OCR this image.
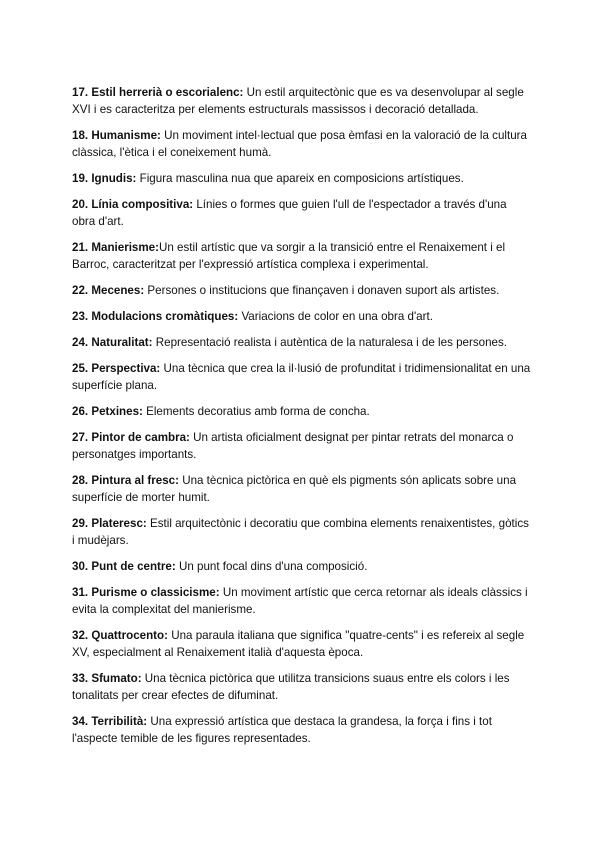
17. Estil herrerià o escorialenc: Un estil arquitectònic que es va desenvolupar al segle XVI i es caracteritza per elements estructurals massissos i decoració detallada.

18. Humanisme: Un moviment intel·lectual que posa èmfasi en la valoració de la cultura clàssica, l'ètica i el coneixement humà.

19. Ignudis: Figura masculina nua que apareix en composicions artístiques.

20. Línia compositiva: Línies o formes que guien l'ull de l'espectador a través d'una obra d'art.

21. Manierisme:Un estil artístic que va sorgir a la transició entre el Renaixement i el Barroc, caracteritzat per l'expressió artística complexa i experimental.

22. Mecenes: Persones o institucions que finançaven i donaven suport als artistes.

23. Modulacions cromàtiques: Variacions de color en una obra d'art.

24. Naturalitat: Representació realista i autèntica de la naturalesa i de les persones.

25. Perspectiva: Una tècnica que crea la il·lusió de profunditat i tridimensionalitat en una superfície plana.

26. Petxines: Elements decoratius amb forma de concha.

27. Pintor de cambra: Un artista oficialment designat per pintar retrats del monarca o personatges importants.

28. Pintura al fresc: Una tècnica pictòrica en què els pigments són aplicats sobre una superfície de morter humit.

29. Plateresc: Estil arquitectònic i decoratiu que combina elements renaixentistes, gòtics i mudèjars.

30. Punt de centre: Un punt focal dins d'una composició.

31. Purisme o classicisme: Un moviment artístic que cerca retornar als ideals clàssics i evita la complexitat del manierisme.

32. Quattrocento: Una paraula italiana que significa "quatre-cents" i es refereix al segle XV, especialment al Renaixement italià d'aquesta època.

33. Sfumato: Una tècnica pictòrica que utilitza transicions suaus entre els colors i les tonalitats per crear efectes de difuminat.

34. Terribilità: Una expressió artística que destaca la grandesa, la força i fins i tot l'aspecte temible de les figures representades.
